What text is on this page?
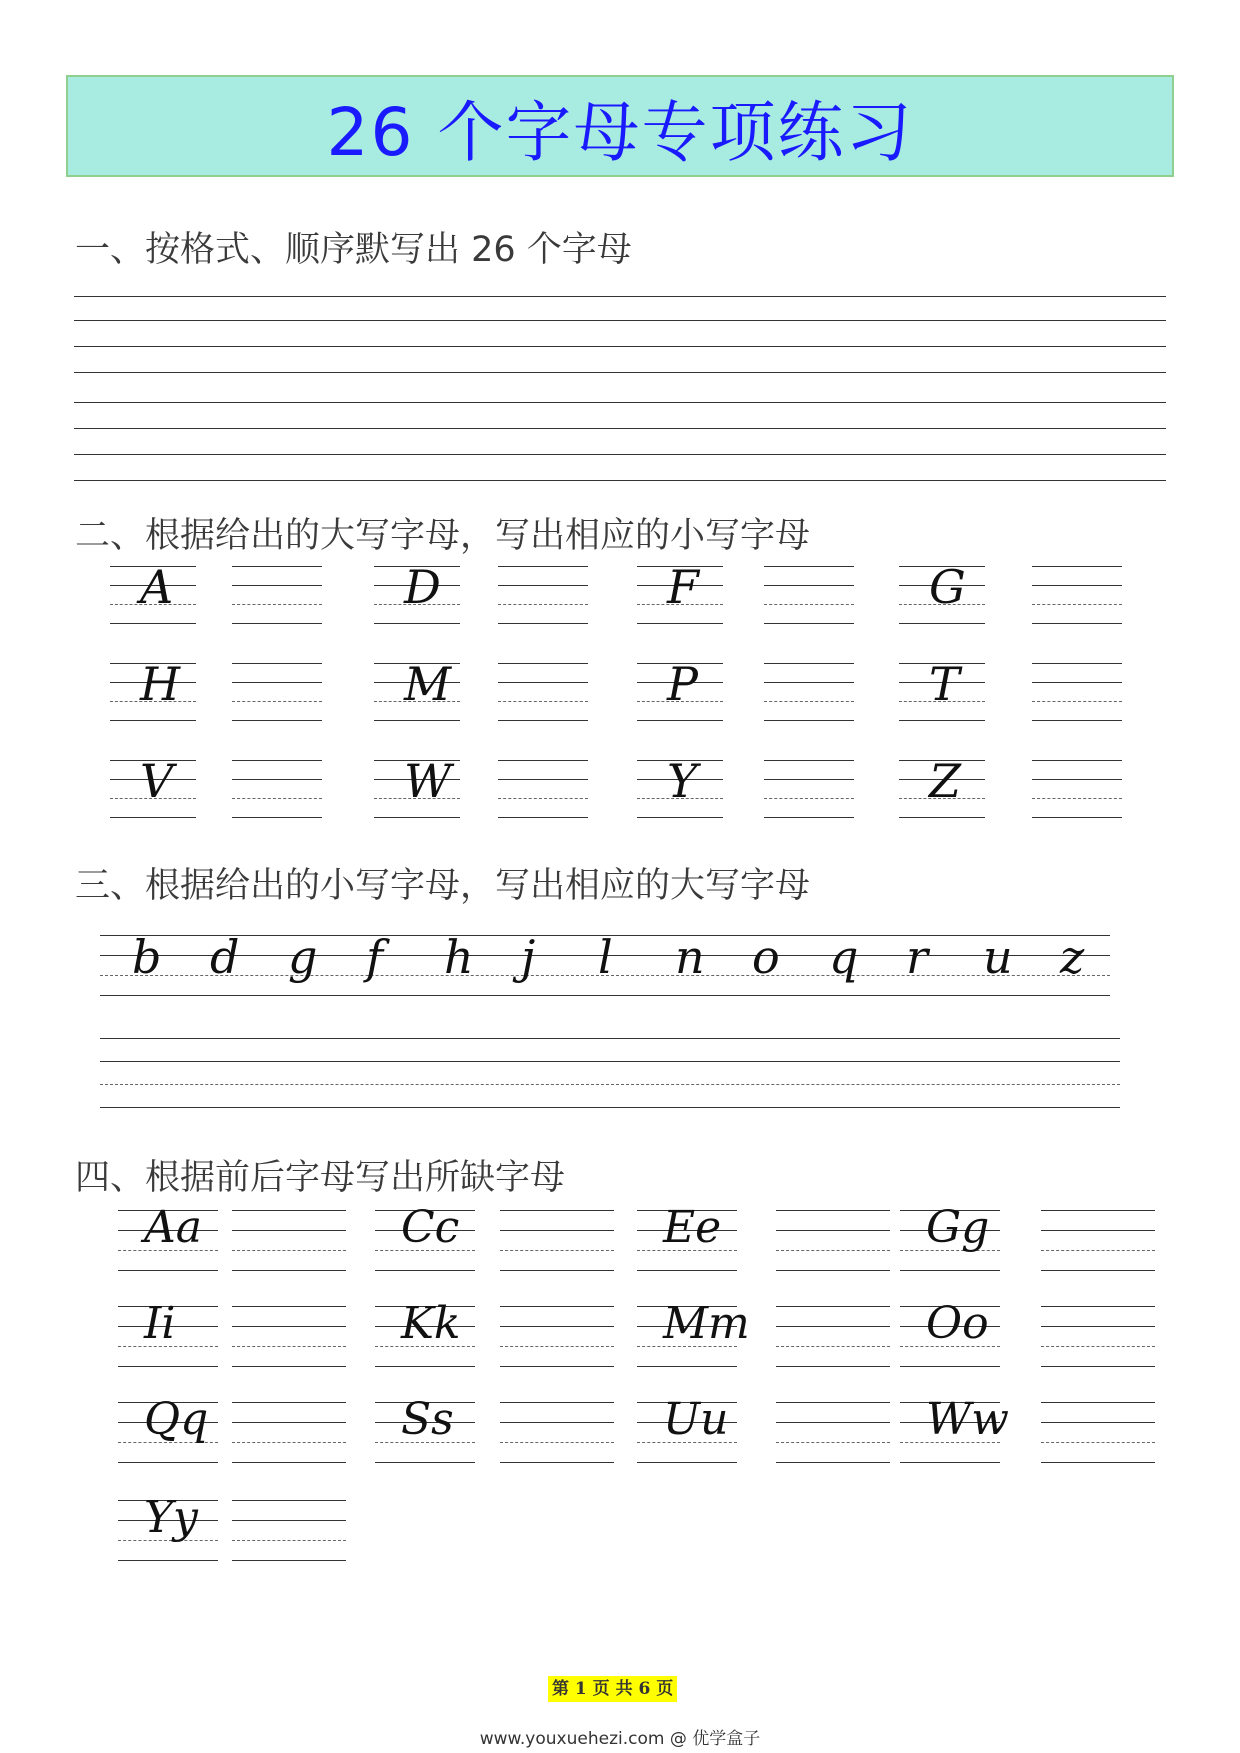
26 个字母专项练习
一、按格式、顺序默写出 26 个字母
二、根据给出的大写字母，写出相应的小写字母
A	D	F	G
H	M	P	T
V	W	Y	Z
三、根据给出的小写字母，写出相应的大写字母
b d g f h j l n o q r u z
四、根据前后字母写出所缺字母
Aa	Cc	Ee	Gg
Ii	Kk	Mm	Oo
Qq	Ss	Uu	Ww
Yy
第 1 页 共 6 页
www.youxuehezi.com @ 优学盒子
